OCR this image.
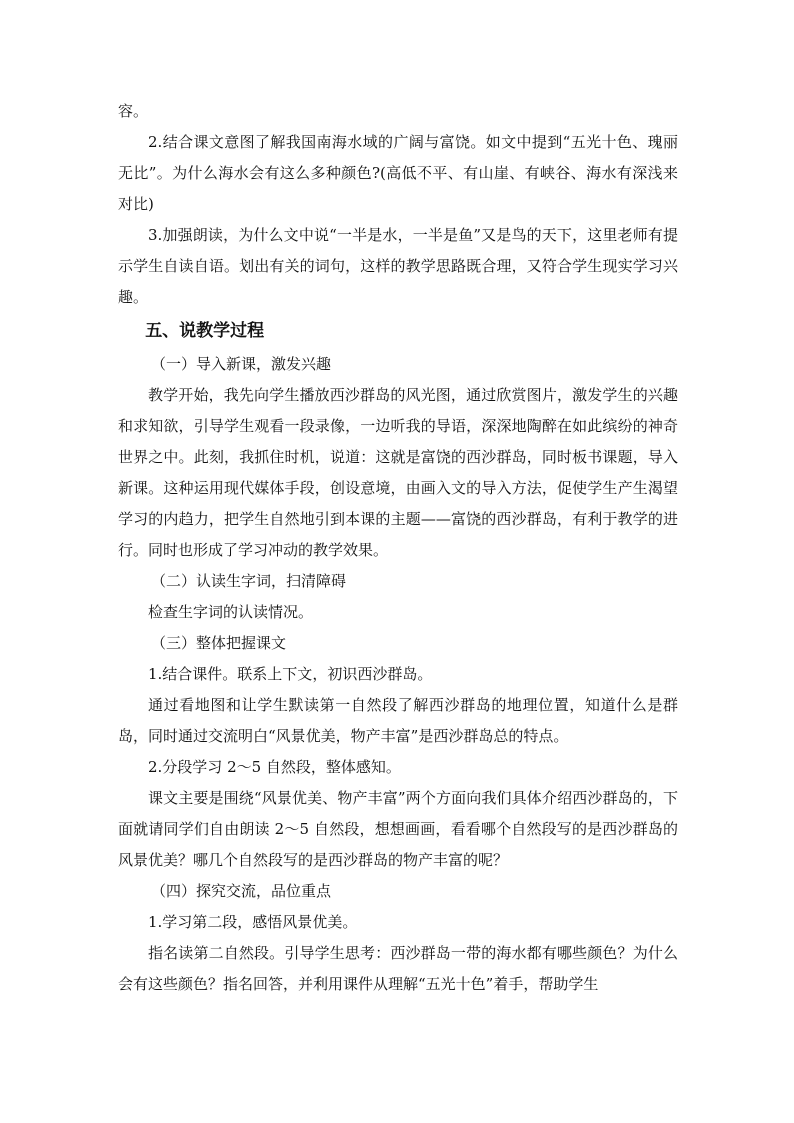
容。

2.结合课文意图了解我国南海水域的广阔与富饶。如文中提到“五光十色、瑰丽无比”。为什么海水会有这么多种颜色?(高低不平、有山崖、有峡谷、海水有深浅来对比)

3.加强朗读，为什么文中说“一半是水，一半是鱼”又是鸟的天下，这里老师有提示学生自读自语。划出有关的词句，这样的教学思路既合理，又符合学生现实学习兴趣。

五、说教学过程

（一）导入新课，激发兴趣

教学开始，我先向学生播放西沙群岛的风光图，通过欣赏图片，激发学生的兴趣和求知欲，引导学生观看一段录像，一边听我的导语，深深地陶醉在如此缤纷的神奇世界之中。此刻，我抓住时机，说道：这就是富饶的西沙群岛，同时板书课题，导入新课。这种运用现代媒体手段，创设意境，由画入文的导入方法，促使学生产生渴望学习的内趋力，把学生自然地引到本课的主题——富饶的西沙群岛，有利于教学的进行。同时也形成了学习冲动的教学效果。

（二）认读生字词，扫清障碍

检查生字词的认读情况。

（三）整体把握课文

1.结合课件。联系上下文，初识西沙群岛。

通过看地图和让学生默读第一自然段了解西沙群岛的地理位置，知道什么是群岛，同时通过交流明白“风景优美，物产丰富”是西沙群岛总的特点。

2.分段学习 2～5 自然段，整体感知。

课文主要是围绕“风景优美、物产丰富”两个方面向我们具体介绍西沙群岛的，下面就请同学们自由朗读 2～5 自然段，想想画画，看看哪个自然段写的是西沙群岛的风景优美？哪几个自然段写的是西沙群岛的物产丰富的呢？

（四）探究交流，品位重点

1.学习第二段，感悟风景优美。

指名读第二自然段。引导学生思考：西沙群岛一带的海水都有哪些颜色？为什么会有这些颜色？指名回答，并利用课件从理解“五光十色”着手，帮助学生
